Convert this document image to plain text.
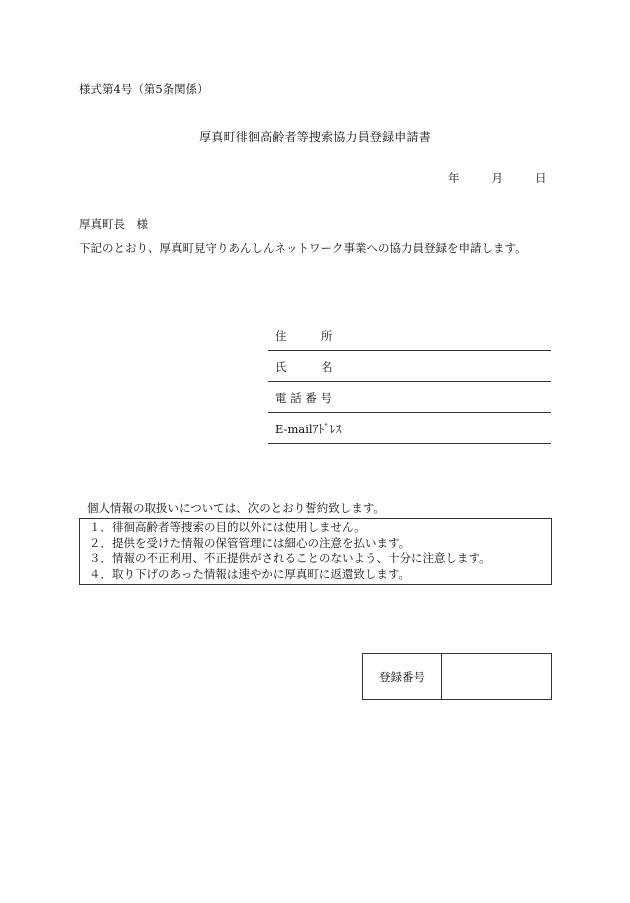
様式第4号（第5条関係）
厚真町徘徊高齢者等捜索協力員登録申請書
年	月	日
厚真町長　様
下記のとおり、厚真町見守りあんしんネットワーク事業への協力員登録を申請します。
住　　　所
氏　　　名
電 話 番 号
E-mailｱﾄﾞﾚｽ
個人情報の取扱いについては、次のとおり誓約致します。
１．徘徊高齢者等捜索の目的以外には使用しません。
２．提供を受けた情報の保管管理には細心の注意を払います。
３．情報の不正利用、不正提供がされることのないよう、十分に注意します。
４．取り下げのあった情報は速やかに厚真町に返還致します。
登録番号
